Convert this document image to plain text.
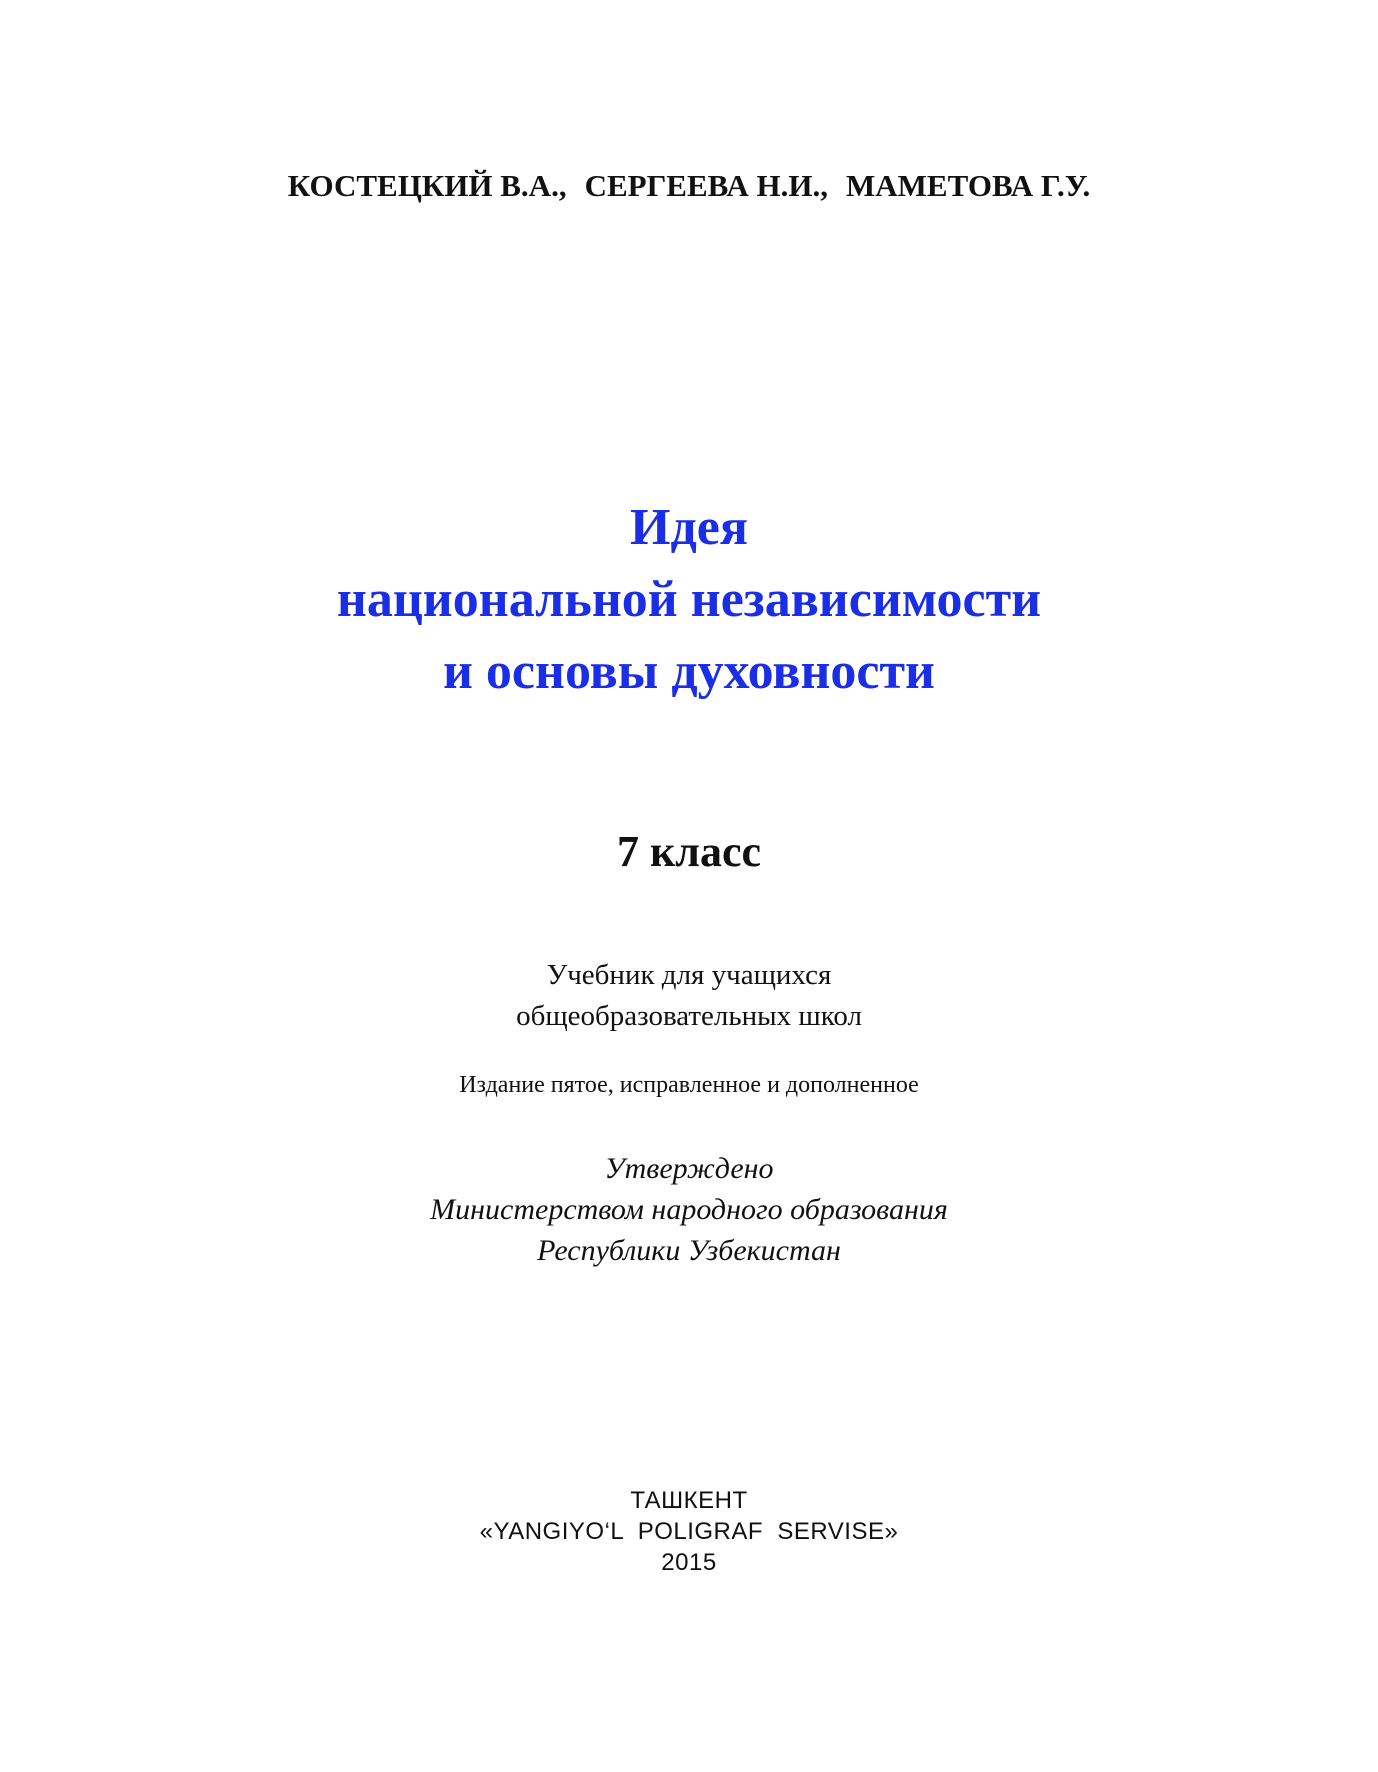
КОСТЕЦКИЙ В.А., СЕРГЕЕВА Н.И., МАМЕТОВА Г.У.
Идея
национальной независимости
и основы духовности
7 класс
Учебник для учащихся
общеобразовательных школ
Издание пятое, исправленное и дополненное
Утверждено
Министерством народного образования
Республики Узбекистан
ТАШКЕНТ
«YANGIYO‘L  POLIGRAF  SERVISE»
2015
